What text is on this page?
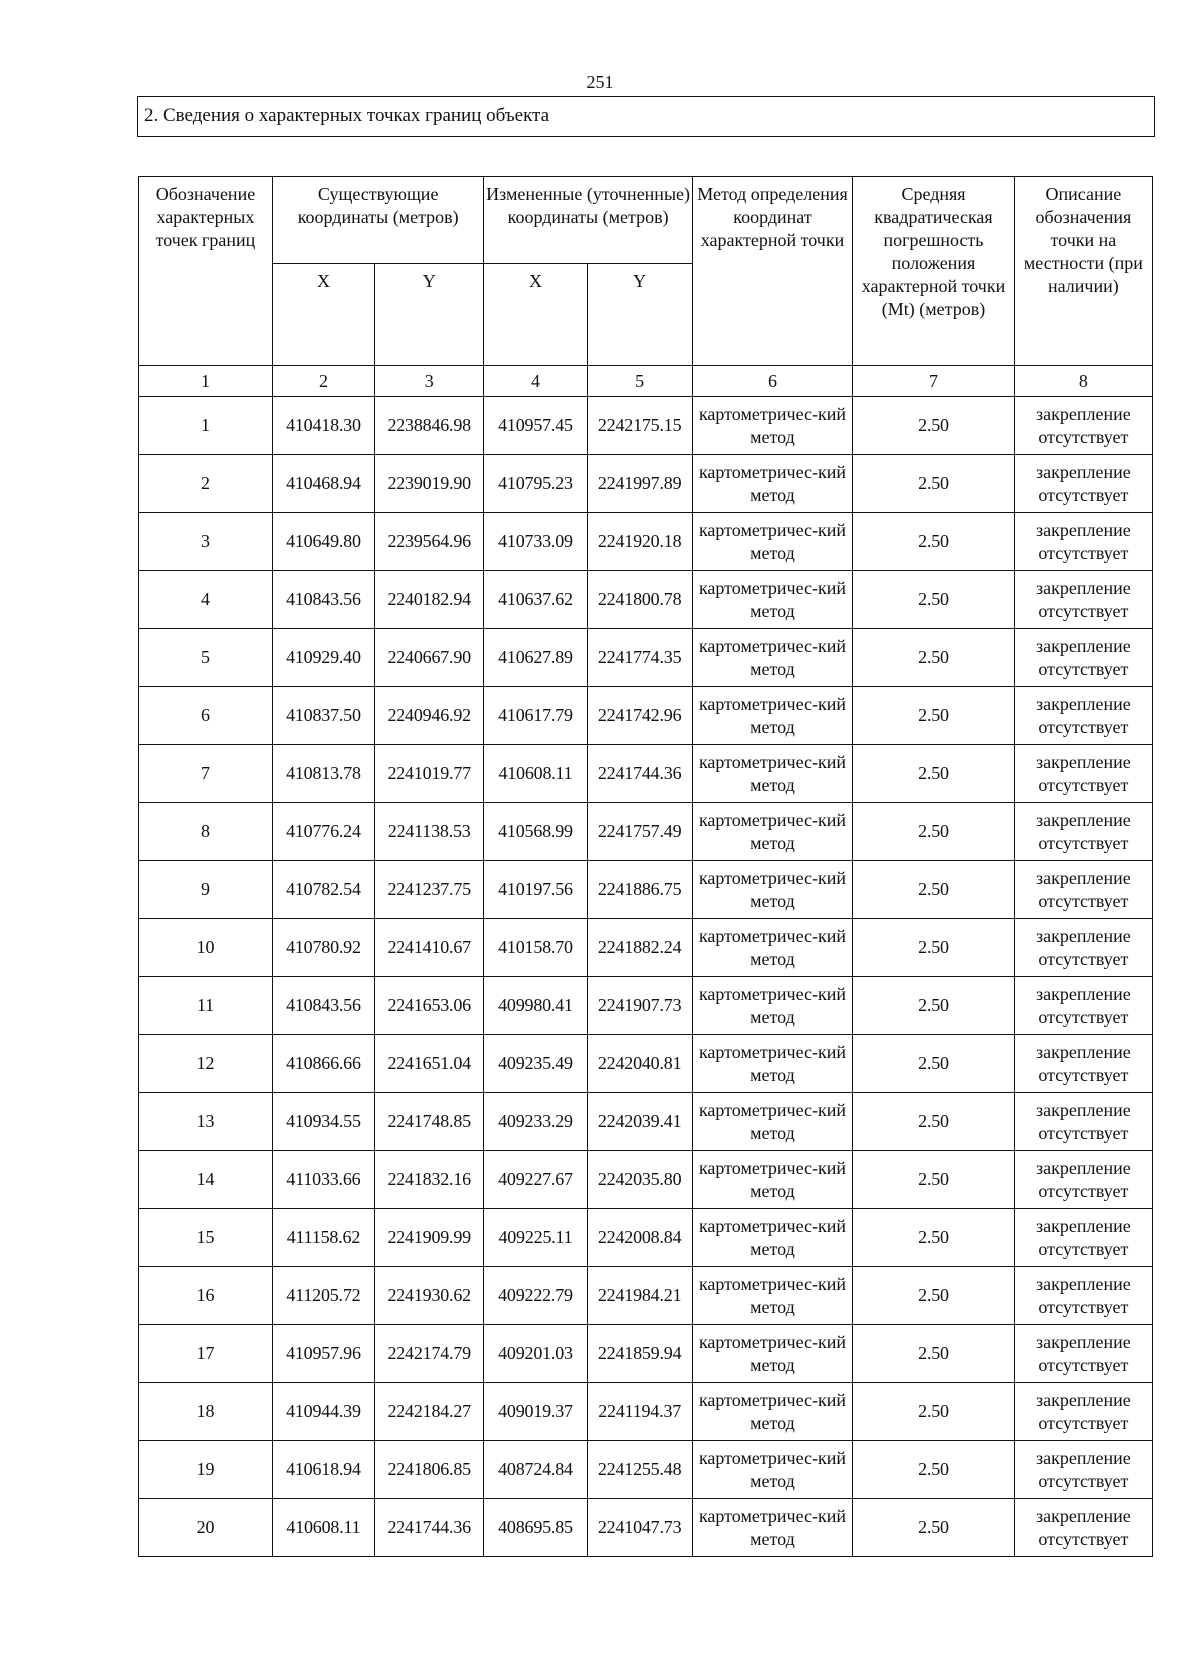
251
2. Сведения о характерных точках границ объекта
Обозначение характерных точек границ	Существующие координаты (метров)		Измененные (уточненные) координаты (метров)		Метод определения координат характерной точки	Средняя квадратическая погрешность положения характерной точки (Mt) (метров)	Описание обозначения точки на местности (при наличии)
	X	Y	X	Y			
1	2	3	4	5	6	7	8
1	410418.30	2238846.98	410957.45	2242175.15	картометричес-кий метод	2.50	закрепление отсутствует
2	410468.94	2239019.90	410795.23	2241997.89	картометричес-кий метод	2.50	закрепление отсутствует
3	410649.80	2239564.96	410733.09	2241920.18	картометричес-кий метод	2.50	закрепление отсутствует
4	410843.56	2240182.94	410637.62	2241800.78	картометричес-кий метод	2.50	закрепление отсутствует
5	410929.40	2240667.90	410627.89	2241774.35	картометричес-кий метод	2.50	закрепление отсутствует
6	410837.50	2240946.92	410617.79	2241742.96	картометричес-кий метод	2.50	закрепление отсутствует
7	410813.78	2241019.77	410608.11	2241744.36	картометричес-кий метод	2.50	закрепление отсутствует
8	410776.24	2241138.53	410568.99	2241757.49	картометричес-кий метод	2.50	закрепление отсутствует
9	410782.54	2241237.75	410197.56	2241886.75	картометричес-кий метод	2.50	закрепление отсутствует
10	410780.92	2241410.67	410158.70	2241882.24	картометричес-кий метод	2.50	закрепление отсутствует
11	410843.56	2241653.06	409980.41	2241907.73	картометричес-кий метод	2.50	закрепление отсутствует
12	410866.66	2241651.04	409235.49	2242040.81	картометричес-кий метод	2.50	закрепление отсутствует
13	410934.55	2241748.85	409233.29	2242039.41	картометричес-кий метод	2.50	закрепление отсутствует
14	411033.66	2241832.16	409227.67	2242035.80	картометричес-кий метод	2.50	закрепление отсутствует
15	411158.62	2241909.99	409225.11	2242008.84	картометричес-кий метод	2.50	закрепление отсутствует
16	411205.72	2241930.62	409222.79	2241984.21	картометричес-кий метод	2.50	закрепление отсутствует
17	410957.96	2242174.79	409201.03	2241859.94	картометричес-кий метод	2.50	закрепление отсутствует
18	410944.39	2242184.27	409019.37	2241194.37	картометричес-кий метод	2.50	закрепление отсутствует
19	410618.94	2241806.85	408724.84	2241255.48	картометричес-кий метод	2.50	закрепление отсутствует
20	410608.11	2241744.36	408695.85	2241047.73	картометричес-кий метод	2.50	закрепление отсутствует
